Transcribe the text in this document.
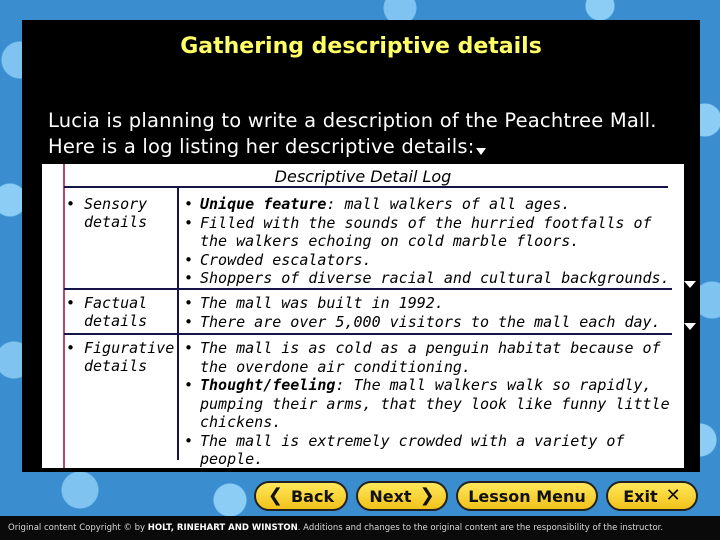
Gathering descriptive details
Lucia is planning to write a description of the Peachtree Mall. Here is a log listing her descriptive details:
Descriptive Detail Log
• Sensory
details
• Unique feature: mall walkers of all ages.
• Filled with the sounds of the hurried footfalls of the walkers echoing on cold marble floors.
• Crowded escalators.
• Shoppers of diverse racial and cultural backgrounds.
• Factual
details
• The mall was built in 1992.
• There are over 5,000 visitors to the mall each day.
• Figurative
details
• The mall is as cold as a penguin habitat because of the overdone air conditioning.
• Thought/feeling: The mall walkers walk so rapidly, pumping their arms, that they look like funny little chickens.
• The mall is extremely crowded with a variety of people.
❮ Back Next ❯ Lesson Menu Exit ✕
Original content Copyright © by HOLT, RINEHART AND WINSTON. Additions and changes to the original content are the responsibility of the instructor.
